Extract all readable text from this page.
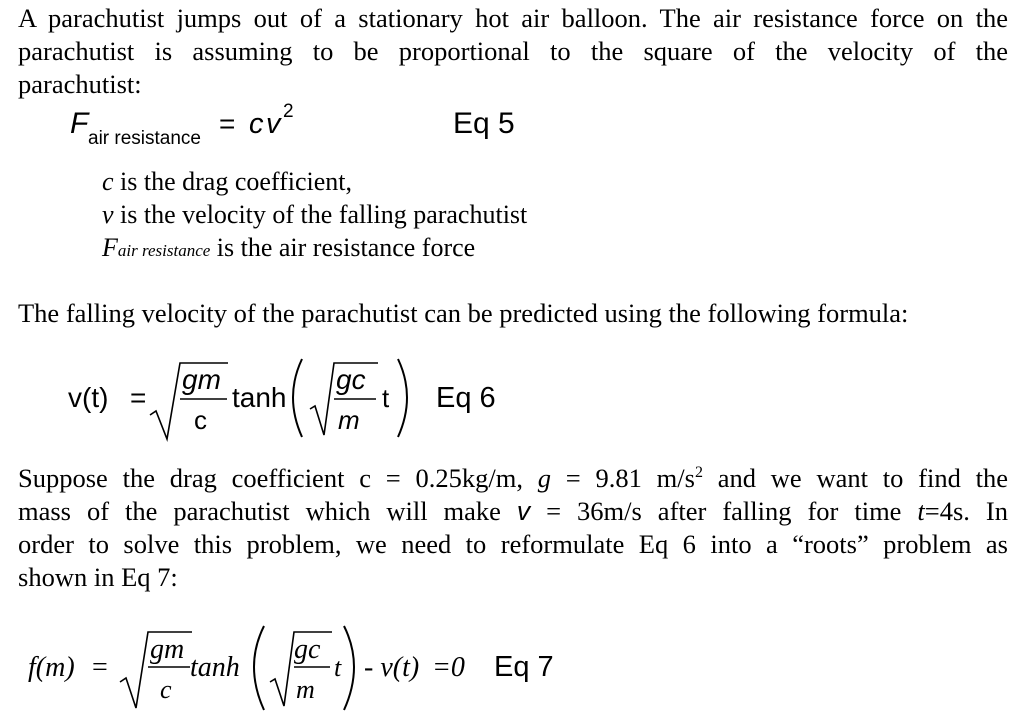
A parachutist jumps out of a stationary hot air balloon. The air resistance force on the
parachutist is assuming to be proportional to the square of the velocity of the
parachutist:
F air resistance = c v 2	Eq 5
c is the drag coefficient,
v is the velocity of the falling parachutist
Fair resistance is the air resistance force
The falling velocity of the parachutist can be predicted using the following formula:
v(t) =
gm
c
tanh
gc
m
t Eq 6
Suppose the drag coefficient c = 0.25kg/m, g = 9.81 $m/s^2$ and we want to find the
mass of the parachutist which will make v = 36m/s after falling for time t=4s. In
order to solve this problem, we need to reformulate Eq 6 into a “roots” problem as
shown in Eq 7:
f(m) =
gm
c
tanh
gc
m
t - v(t) =0 Eq 7
